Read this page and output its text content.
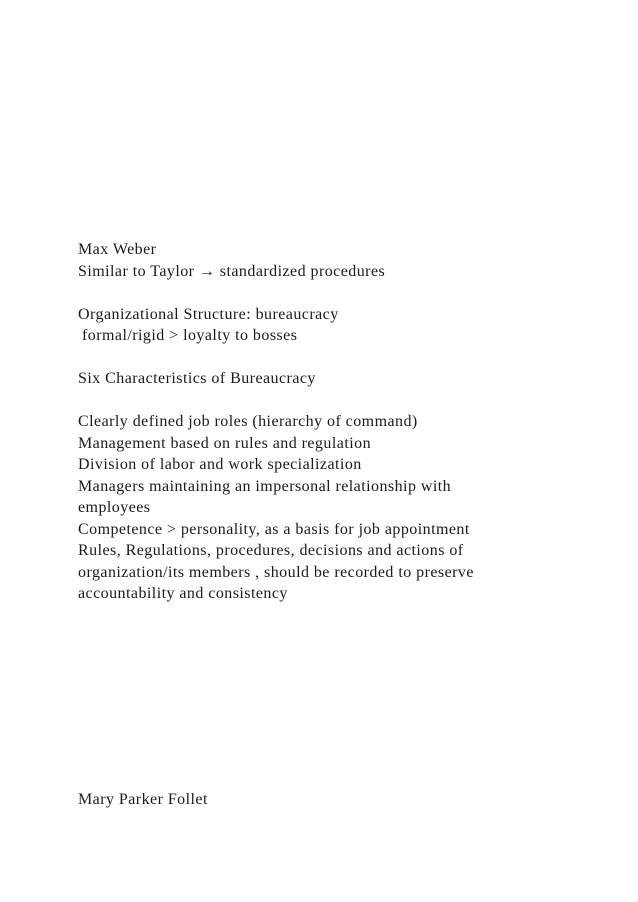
Max Weber
Similar to Taylor → standardized procedures
Organizational Structure: bureaucracy
formal/rigid > loyalty to bosses
Six Characteristics of Bureaucracy
Clearly defined job roles (hierarchy of command)
Management based on rules and regulation
Division of labor and work specialization
Managers maintaining an impersonal relationship with
employees
Competence > personality, as a basis for job appointment
Rules, Regulations, procedures, decisions and actions of
organization/its members , should be recorded to preserve
accountability and consistency
Mary Parker Follet
